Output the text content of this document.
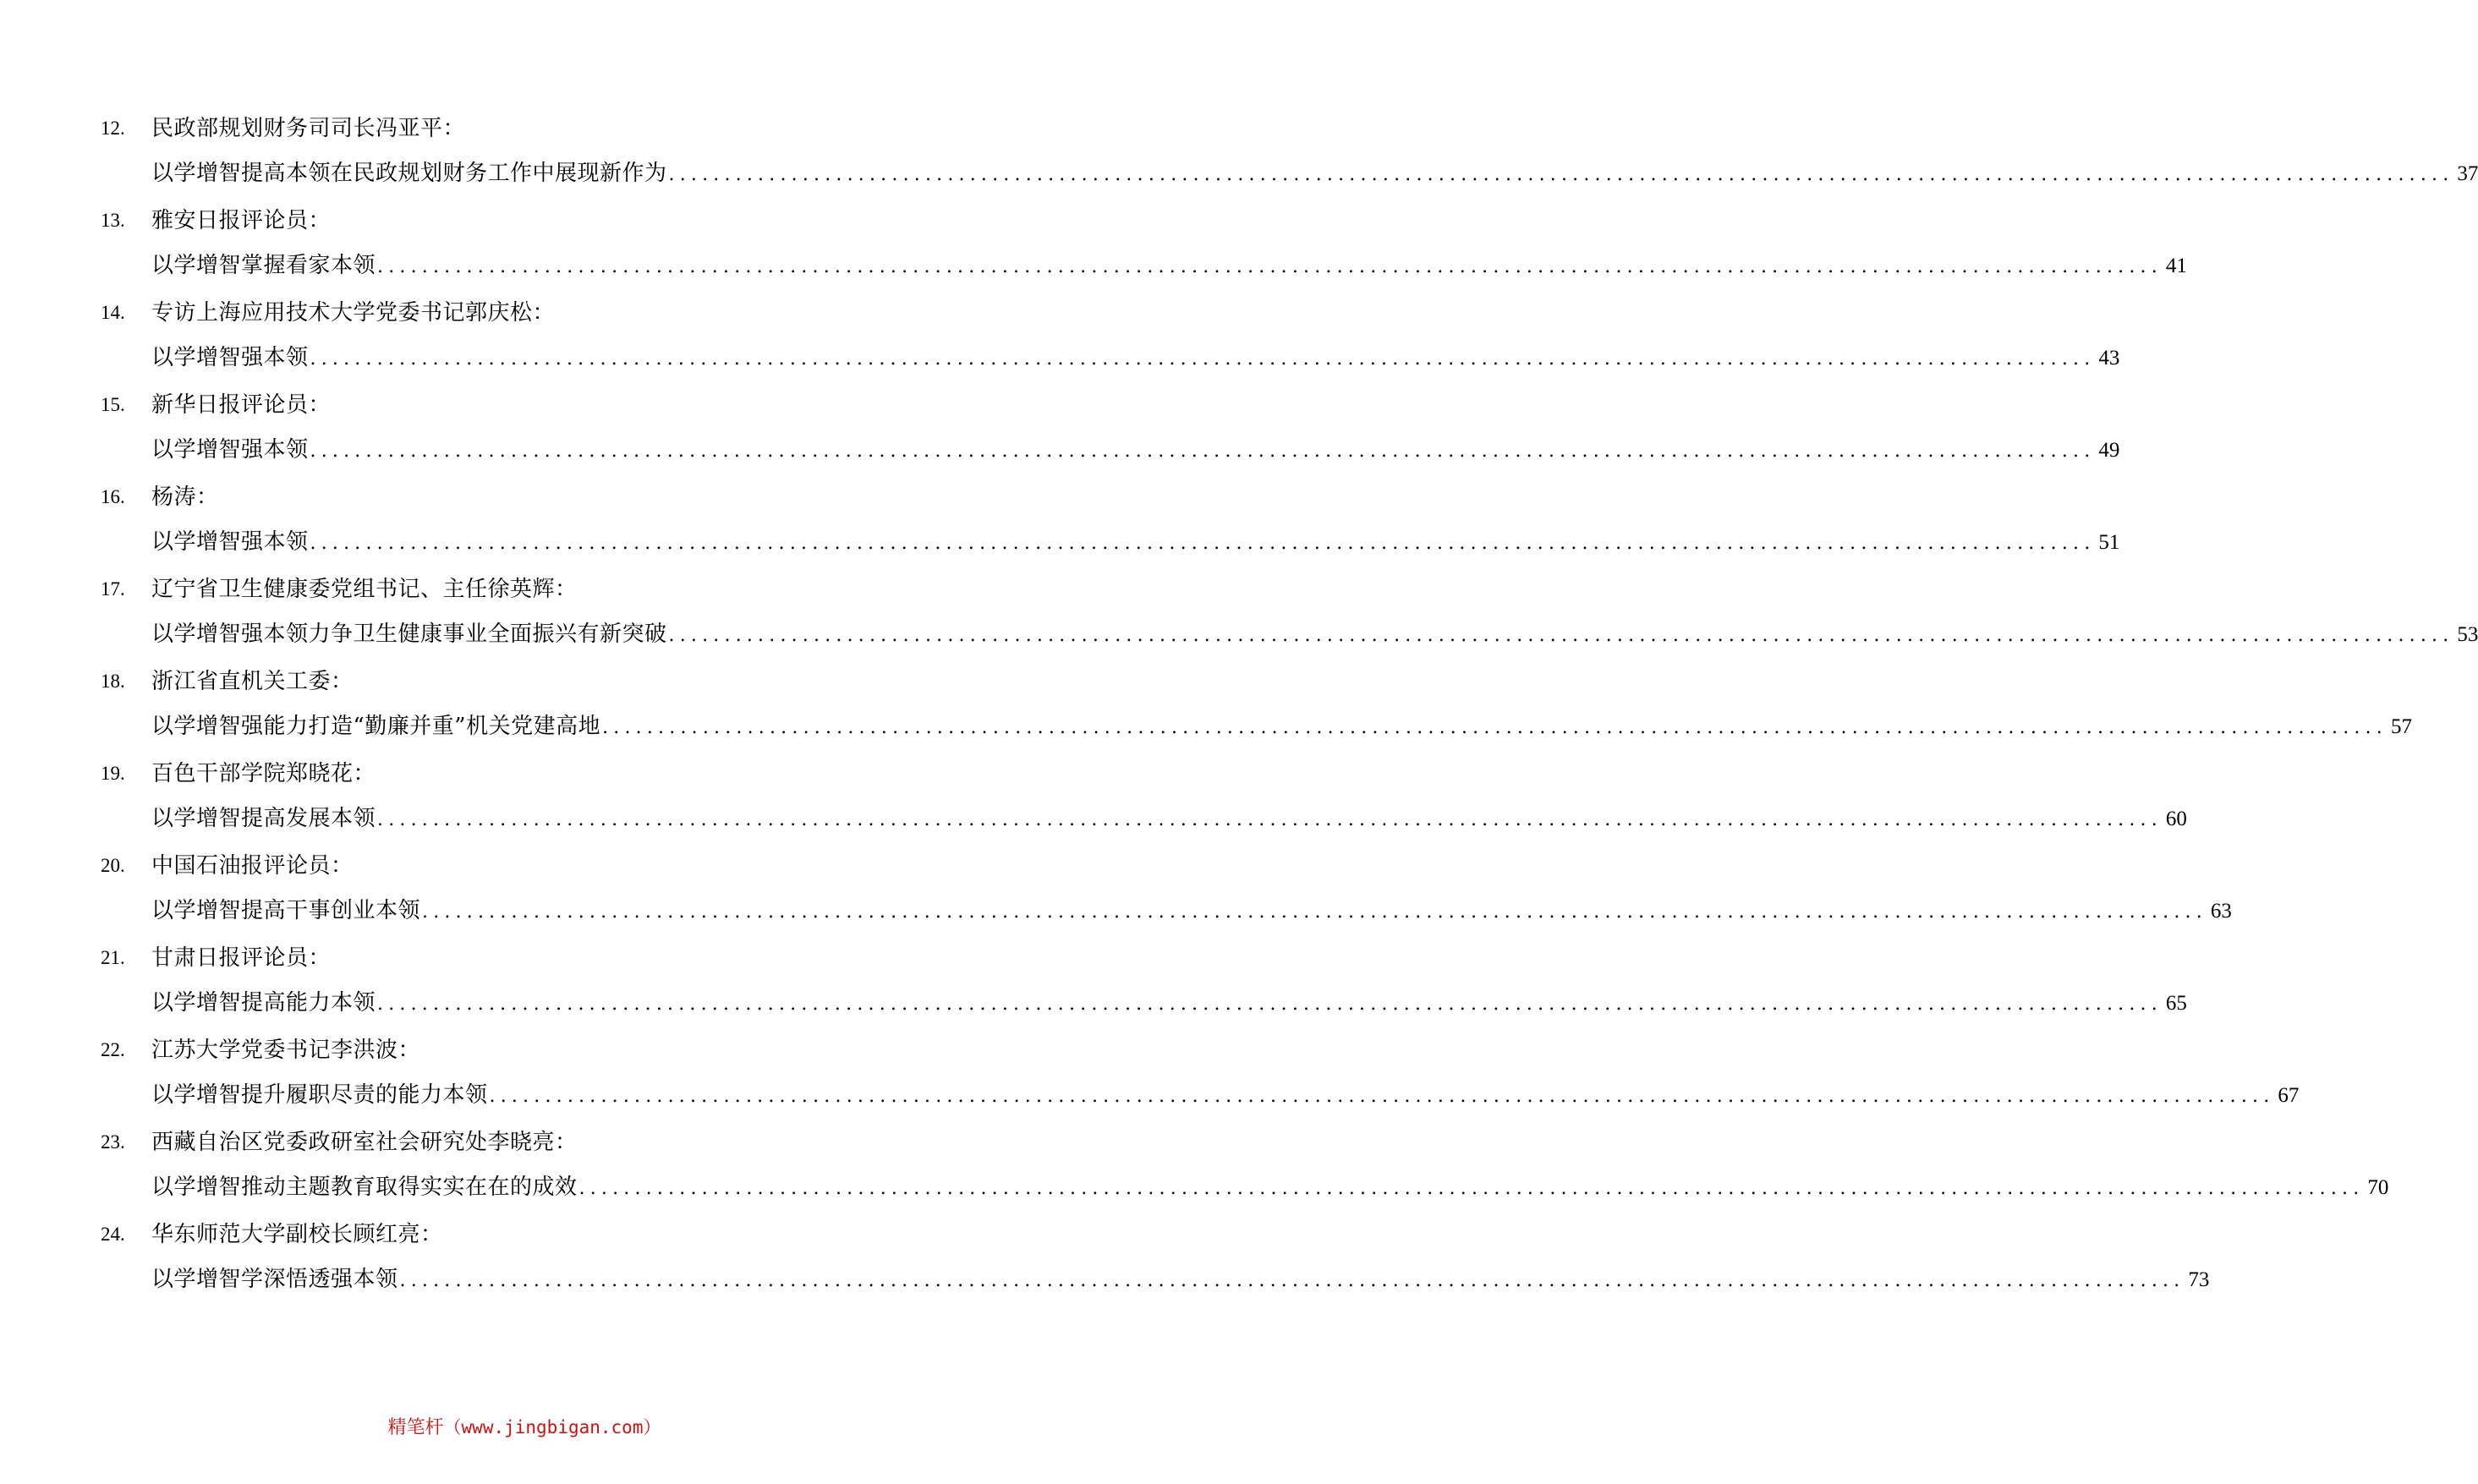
12. 民政部规划财务司司长冯亚平：
以学增智提高本领在民政规划财务工作中展现新作为 ................................................................................................................................................................ 37
13. 雅安日报评论员：
以学增智掌握看家本领 ................................................................................................................................................................ 41
14. 专访上海应用技术大学党委书记郭庆松：
以学增智强本领 ................................................................................................................................................................ 43
15. 新华日报评论员：
以学增智强本领 ................................................................................................................................................................ 49
16. 杨涛：
以学增智强本领 ................................................................................................................................................................ 51
17. 辽宁省卫生健康委党组书记、主任徐英辉：
以学增智强本领力争卫生健康事业全面振兴有新突破 ................................................................................................................................................................ 53
18. 浙江省直机关工委：
以学增智强能力打造“勤廉并重”机关党建高地 ................................................................................................................................................................ 57
19. 百色干部学院郑晓花：
以学增智提高发展本领 ................................................................................................................................................................ 60
20. 中国石油报评论员：
以学增智提高干事创业本领 ................................................................................................................................................................ 63
21. 甘肃日报评论员：
以学增智提高能力本领 ................................................................................................................................................................ 65
22. 江苏大学党委书记李洪波：
以学增智提升履职尽责的能力本领 ................................................................................................................................................................ 67
23. 西藏自治区党委政研室社会研究处李晓亮：
以学增智推动主题教育取得实实在在的成效 ................................................................................................................................................................ 70
24. 华东师范大学副校长顾红亮：
以学增智学深悟透强本领 ................................................................................................................................................................ 73
精笔杆（www.jingbigan.com）
